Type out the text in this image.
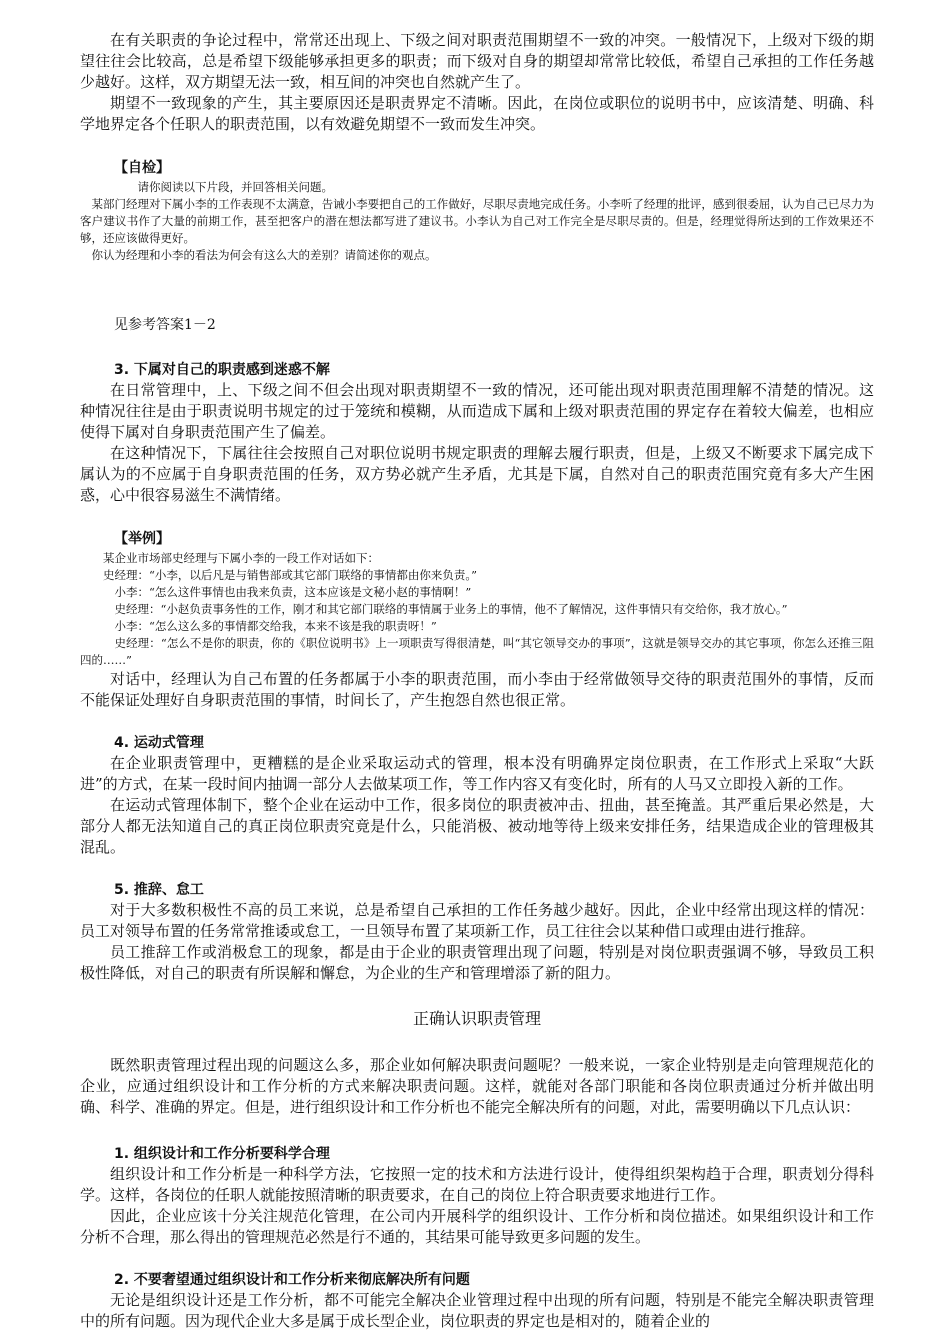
在有关职责的争论过程中，常常还出现上、下级之间对职责范围期望不一致的冲突。一般情况下，上级对下级的期望往往会比较高，总是希望下级能够承担更多的职责；而下级对自身的期望却常常比较低，希望自己承担的工作任务越少越好。这样，双方期望无法一致，相互间的冲突也自然就产生了。

期望不一致现象的产生，其主要原因还是职责界定不清晰。因此，在岗位或职位的说明书中，应该清楚、明确、科学地界定各个任职人的职责范围，以有效避免期望不一致而发生冲突。

【自检】

请你阅读以下片段，并回答相关问题。

某部门经理对下属小李的工作表现不太满意，告诫小李要把自己的工作做好，尽职尽责地完成任务。小李听了经理的批评，感到很委屈，认为自己已尽力为客户建议书作了大量的前期工作，甚至把客户的潜在想法都写进了建议书。小李认为自己对工作完全是尽职尽责的。但是，经理觉得所达到的工作效果还不够，还应该做得更好。

你认为经理和小李的看法为何会有这么大的差别？请简述你的观点。

见参考答案1－2
3. 下属对自己的职责感到迷惑不解

在日常管理中，上、下级之间不但会出现对职责期望不一致的情况，还可能出现对职责范围理解不清楚的情况。这种情况往往是由于职责说明书规定的过于笼统和模糊，从而造成下属和上级对职责范围的界定存在着较大偏差，也相应使得下属对自身职责范围产生了偏差。

在这种情况下，下属往往会按照自己对职位说明书规定职责的理解去履行职责，但是，上级又不断要求下属完成下属认为的不应属于自身职责范围的任务，双方势必就产生矛盾，尤其是下属，自然对自己的职责范围究竟有多大产生困惑，心中很容易滋生不满情绪。

【举例】

某企业市场部史经理与下属小李的一段工作对话如下：

史经理：“小李，以后凡是与销售部或其它部门联络的事情都由你来负责。”

小李：“怎么这件事情也由我来负责，这本应该是文秘小赵的事情啊！”

史经理：“小赵负责事务性的工作，刚才和其它部门联络的事情属于业务上的事情，他不了解情况，这件事情只有交给你，我才放心。”

小李：“怎么这么多的事情都交给我，本来不该是我的职责呀！”

史经理：“怎么不是你的职责，你的《职位说明书》上一项职责写得很清楚，叫“其它领导交办的事项”，这就是领导交办的其它事项，你怎么还推三阻四的……”

对话中，经理认为自己布置的任务都属于小李的职责范围，而小李由于经常做领导交待的职责范围外的事情，反而不能保证处理好自身职责范围的事情，时间长了，产生抱怨自然也很正常。

4. 运动式管理

在企业职责管理中，更糟糕的是企业采取运动式的管理，根本没有明确界定岗位职责，在工作形式上采取“大跃进”的方式，在某一段时间内抽调一部分人去做某项工作，等工作内容又有变化时，所有的人马又立即投入新的工作。

在运动式管理体制下，整个企业在运动中工作，很多岗位的职责被冲击、扭曲，甚至掩盖。其严重后果必然是，大部分人都无法知道自己的真正岗位职责究竟是什么，只能消极、被动地等待上级来安排任务，结果造成企业的管理极其混乱。

5. 推辞、怠工

对于大多数积极性不高的员工来说，总是希望自己承担的工作任务越少越好。因此，企业中经常出现这样的情况：员工对领导布置的任务常常推诿或怠工，一旦领导布置了某项新工作，员工往往会以某种借口或理由进行推辞。

员工推辞工作或消极怠工的现象，都是由于企业的职责管理出现了问题，特别是对岗位职责强调不够，导致员工积极性降低，对自己的职责有所误解和懈怠，为企业的生产和管理增添了新的阻力。

正确认识职责管理

既然职责管理过程出现的问题这么多，那企业如何解决职责问题呢？一般来说，一家企业特别是走向管理规范化的企业，应通过组织设计和工作分析的方式来解决职责问题。这样，就能对各部门职能和各岗位职责通过分析并做出明确、科学、准确的界定。但是，进行组织设计和工作分析也不能完全解决所有的问题，对此，需要明确以下几点认识：

1. 组织设计和工作分析要科学合理

组织设计和工作分析是一种科学方法，它按照一定的技术和方法进行设计，使得组织架构趋于合理，职责划分得科学。这样，各岗位的任职人就能按照清晰的职责要求，在自己的岗位上符合职责要求地进行工作。

因此，企业应该十分关注规范化管理，在公司内开展科学的组织设计、工作分析和岗位描述。如果组织设计和工作分析不合理，那么得出的管理规范必然是行不通的，其结果可能导致更多问题的发生。

2. 不要奢望通过组织设计和工作分析来彻底解决所有问题

无论是组织设计还是工作分析，都不可能完全解决企业管理过程中出现的所有问题，特别是不能完全解决职责管理中的所有问题。因为现代企业大多是属于成长型企业，岗位职责的界定也是相对的，随着企业的
